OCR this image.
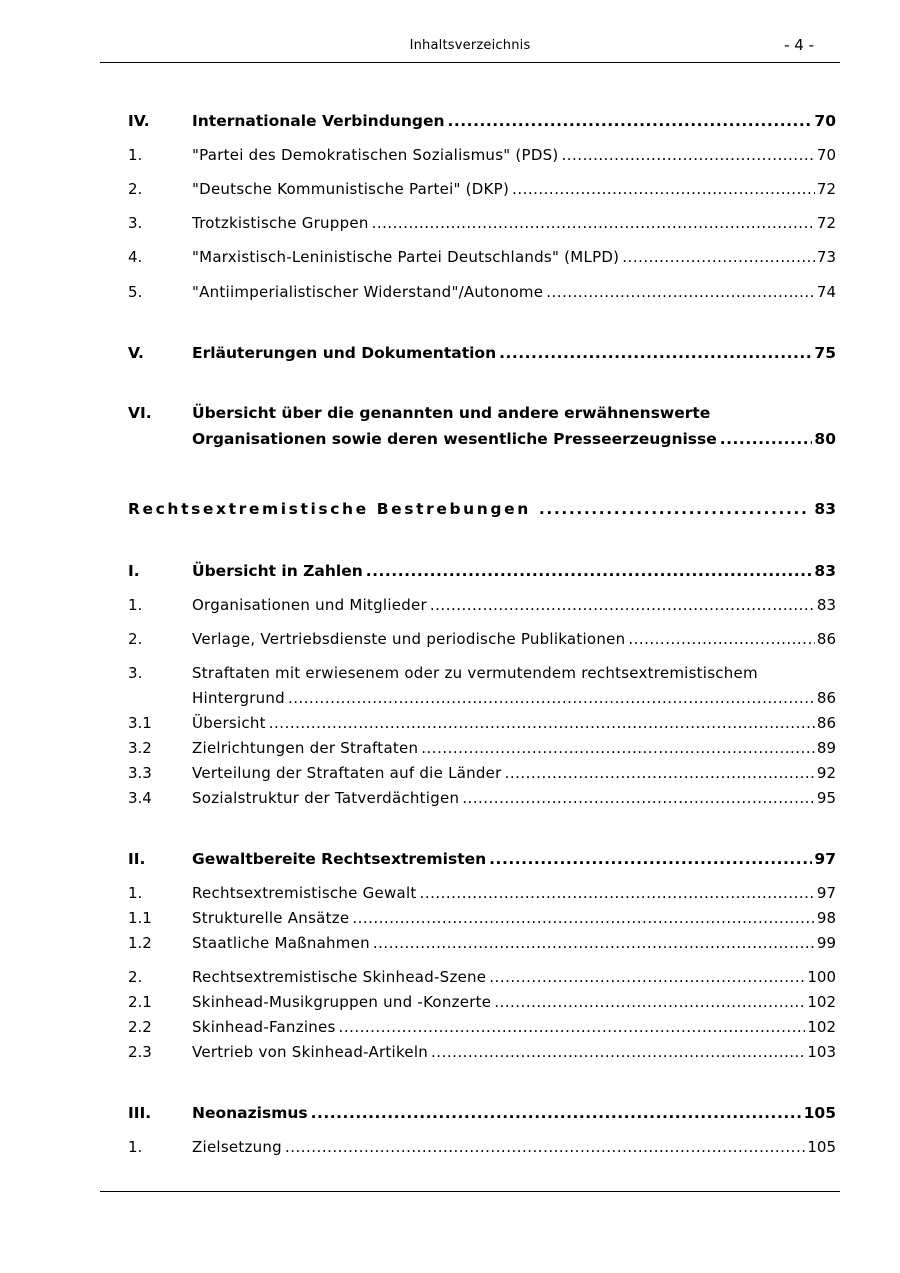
Inhaltsverzeichnis	- 4 -
IV.	Internationale Verbindungen .....	70
1.	"Partei des Demokratischen Sozialismus" (PDS) .....	70
2.	"Deutsche Kommunistische Partei" (DKP) .....	72
3.	Trotzkistische Gruppen .....	72
4.	"Marxistisch-Leninistische Partei Deutschlands" (MLPD) .....	73
5.	"Antiimperialistischer Widerstand"/Autonome .....	74
V.	Erläuterungen und Dokumentation .....	75
VI.	Übersicht über die genannten und andere erwähnenswerte
Organisationen sowie deren wesentliche Presseerzeugnisse .....	80
Rechtsextremistische Bestrebungen .....	83
I.	Übersicht in Zahlen .....	83
1.	Organisationen und Mitglieder .....	83
2.	Verlage, Vertriebsdienste und periodische Publikationen .....	86
3.	Straftaten mit erwiesenem oder zu vermutendem rechtsextremistischem
Hintergrund .....	86
3.1	Übersicht .....	86
3.2	Zielrichtungen der Straftaten .....	89
3.3	Verteilung der Straftaten auf die Länder .....	92
3.4	Sozialstruktur der Tatverdächtigen .....	95
II.	Gewaltbereite Rechtsextremisten .....	97
1.	Rechtsextremistische Gewalt .....	97
1.1	Strukturelle Ansätze .....	98
1.2	Staatliche Maßnahmen .....	99
2.	Rechtsextremistische Skinhead-Szene .....	100
2.1	Skinhead-Musikgruppen und -Konzerte .....	102
2.2	Skinhead-Fanzines .....	102
2.3	Vertrieb von Skinhead-Artikeln .....	103
III.	Neonazismus .....	105
1.	Zielsetzung .....	105
